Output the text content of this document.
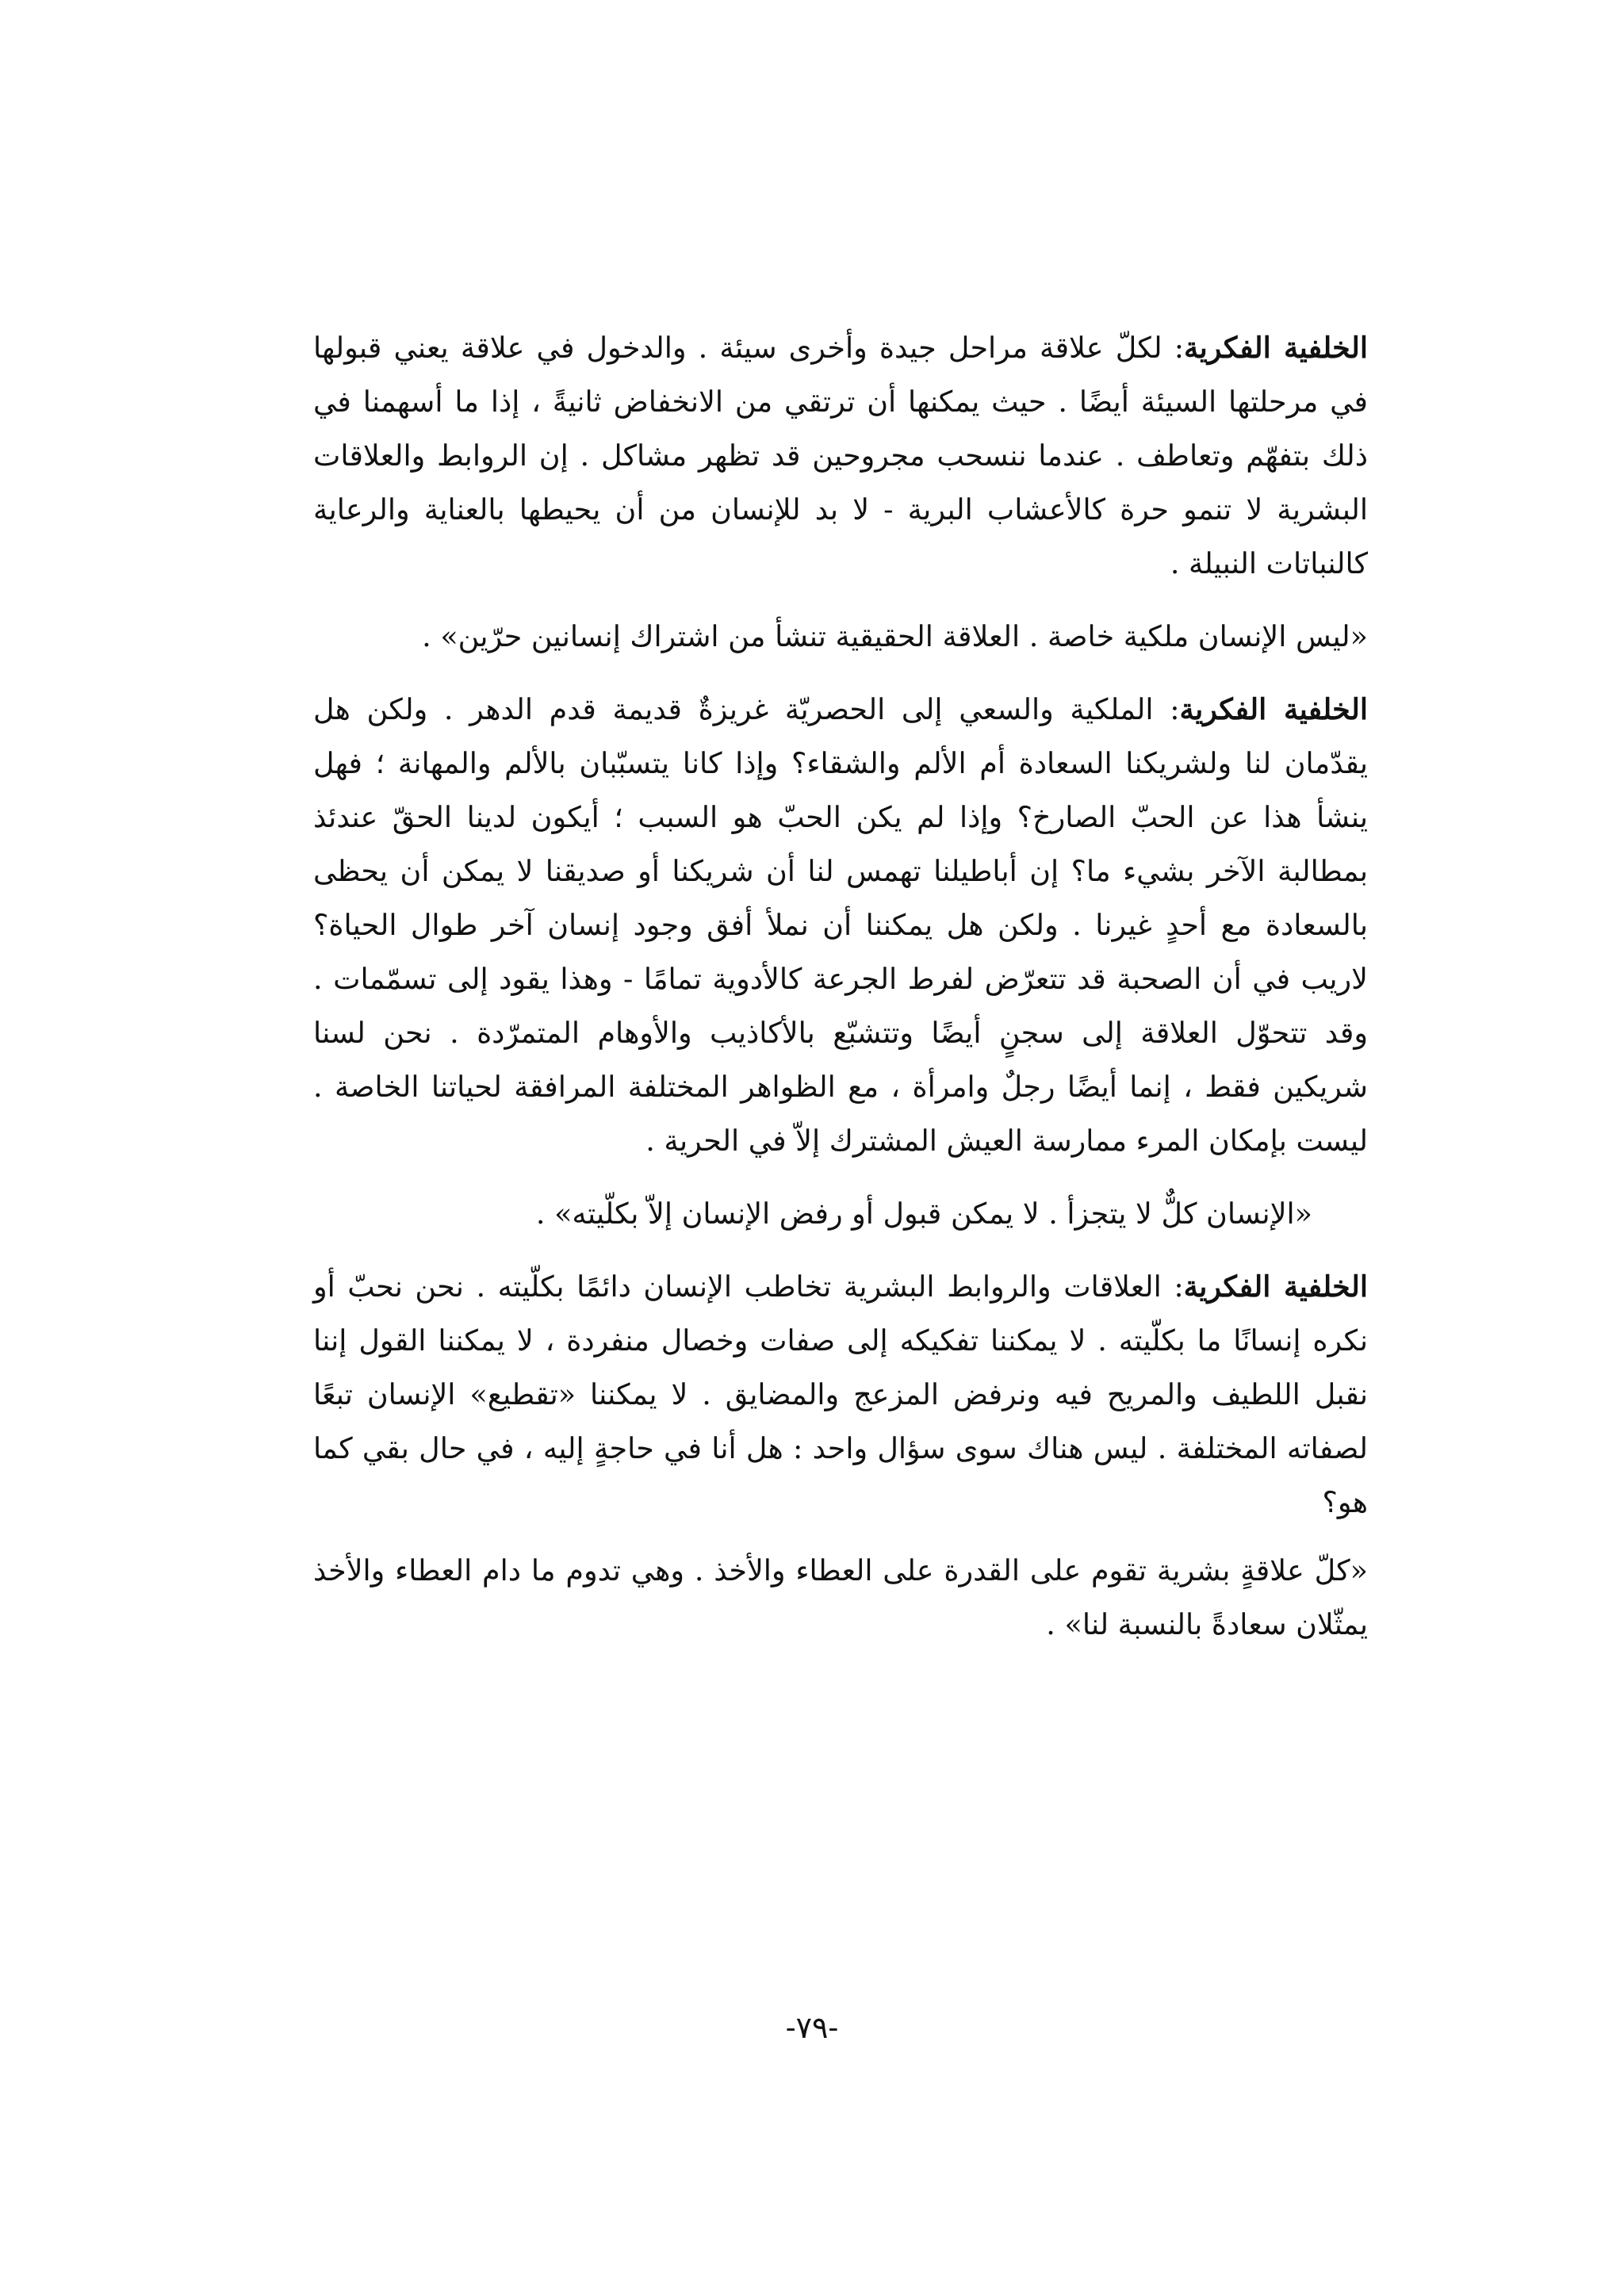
الخلفية الفكرية: لكلّ علاقة مراحل جيدة وأخرى سيئة . والدخول في علاقة يعني قبولها في مرحلتها السيئة أيضًا . حيث يمكنها أن ترتقي من الانخفاض ثانيةً ، إذا ما أسهمنا في ذلك بتفهّم وتعاطف . عندما ننسحب مجروحين قد تظهر مشاكل . إن الروابط والعلاقات البشرية لا تنمو حرة كالأعشاب البرية - لا بد للإنسان من أن يحيطها بالعناية والرعاية كالنباتات النبيلة .

«ليس الإنسان ملكية خاصة . العلاقة الحقيقية تنشأ من اشتراك إنسانين حرّين» .

الخلفية الفكرية: الملكية والسعي إلى الحصريّة غريزةٌ قديمة قدم الدهر . ولكن هل يقدّمان لنا ولشريكنا السعادة أم الألم والشقاء؟ وإذا كانا يتسبّبان بالألم والمهانة ؛ فهل ينشأ هذا عن الحبّ الصارخ؟ وإذا لم يكن الحبّ هو السبب ؛ أيكون لدينا الحقّ عندئذ بمطالبة الآخر بشيء ما؟ إن أباطيلنا تهمس لنا أن شريكنا أو صديقنا لا يمكن أن يحظى بالسعادة مع أحدٍ غيرنا . ولكن هل يمكننا أن نملأ أفق وجود إنسان آخر طوال الحياة؟ لاريب في أن الصحبة قد تتعرّض لفرط الجرعة كالأدوية تمامًا - وهذا يقود إلى تسمّمات . وقد تتحوّل العلاقة إلى سجنٍ أيضًا وتتشبّع بالأكاذيب والأوهام المتمرّدة . نحن لسنا شريكين فقط ، إنما أيضًا رجلٌ وامرأة ، مع الظواهر المختلفة المرافقة لحياتنا الخاصة . ليست بإمكان المرء ممارسة العيش المشترك إلاّ في الحرية .

«الإنسان كلٌّ لا يتجزأ . لا يمكن قبول أو رفض الإنسان إلاّ بكلّيته» .

الخلفية الفكرية: العلاقات والروابط البشرية تخاطب الإنسان دائمًا بكلّيته . نحن نحبّ أو نكره إنسانًا ما بكلّيته . لا يمكننا تفكيكه إلى صفات وخصال منفردة ، لا يمكننا القول إننا نقبل اللطيف والمريح فيه ونرفض المزعج والمضايق . لا يمكننا «تقطيع» الإنسان تبعًا لصفاته المختلفة . ليس هناك سوى سؤال واحد : هل أنا في حاجةٍ إليه ، في حال بقي كما هو؟

«كلّ علاقةٍ بشرية تقوم على القدرة على العطاء والأخذ . وهي تدوم ما دام العطاء والأخذ يمثّلان سعادةً بالنسبة لنا» .

-٧٩-
